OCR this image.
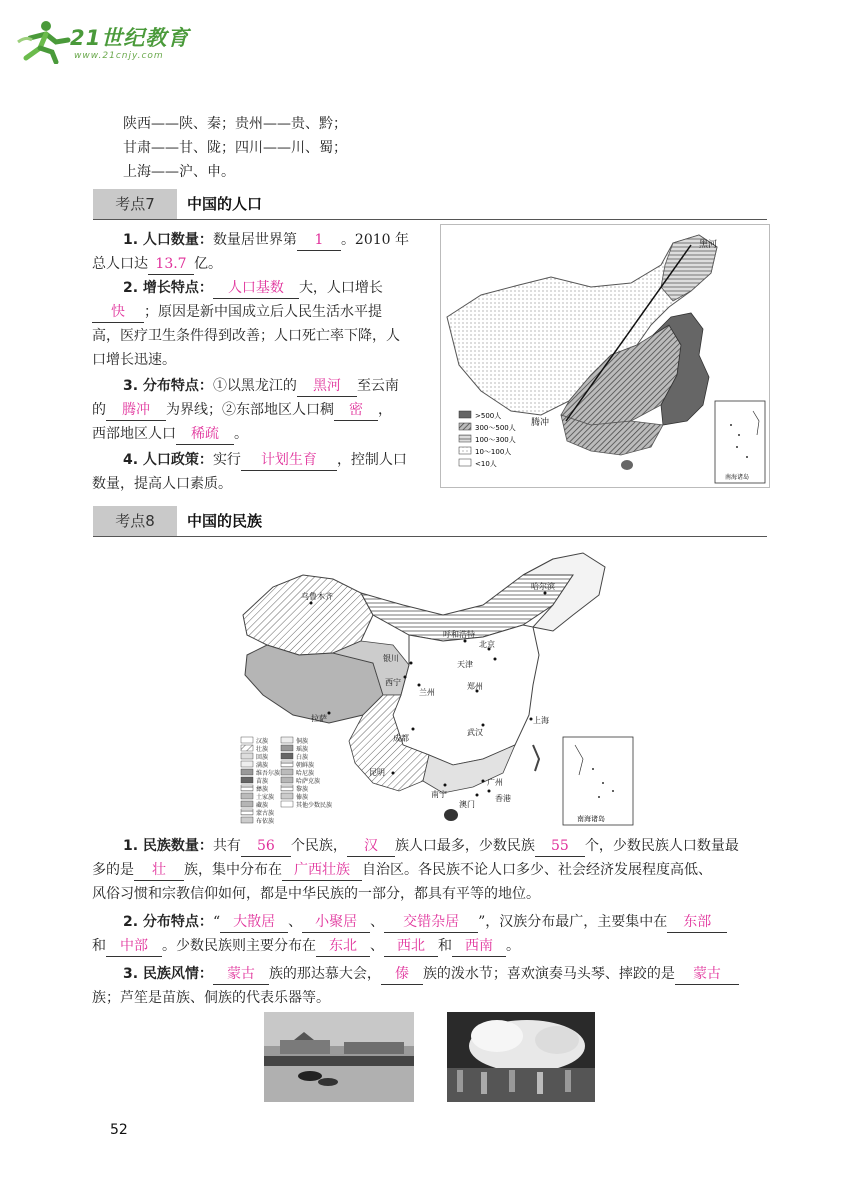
21世纪教育
www.21cnjy.com
陕西——陕、秦；贵州——贵、黔；
甘肃——甘、陇；四川——川、蜀；
上海——沪、申。
考点7	中国的人口
1. 人口数量：数量居世界第 1 。2010 年
总人口达 13.7 亿。
2. 增长特点： 人口基数 大，人口增长
快 ；原因是新中国成立后人民生活水平提
高，医疗卫生条件得到改善；人口死亡率下降，人
口增长迅速。
3. 分布特点：①以黑龙江的 黑河 至云南
的 腾冲 为界线；②东部地区人口稠 密 ，
西部地区人口 稀疏 。
4. 人口政策：实行 计划生育 ，控制人口
数量，提高人口素质。
黑河
腾冲
>500人
300～500人
100～300人
10～100人
<10人
南海诸岛
考点8	中国的民族
乌鲁木齐
哈尔滨
呼和浩特
北京
天津
银川
西宁
兰州
郑州
拉萨
成都
武汉
上海
昆明
南宁
广州
香港
澳门
汉族
壮族
回族
满族
维吾尔族
苗族
彝族
土家族
藏族
蒙古族
布依族
侗族
瑶族
白族
朝鲜族
哈尼族
哈萨克族
黎族
傣族
其他少数民族
南海诸岛
1. 民族数量：共有 56 个民族， 汉 族人口最多，少数民族 55 个，少数民族人口数量最
多的是 壮 族，集中分布在 广西壮族 自治区。各民族不论人口多少、社会经济发展程度高低、
风俗习惯和宗教信仰如何，都是中华民族的一部分，都具有平等的地位。
2. 分布特点：“ 大散居 、 小聚居 、 交错杂居 ”，汉族分布最广，主要集中在 东部
和 中部 。少数民族则主要分布在 东北 、 西北 和 西南 。
3. 民族风情： 蒙古 族的那达慕大会， 傣 族的泼水节；喜欢演奏马头琴、摔跤的是 蒙古
族；芦笙是苗族、侗族的代表乐器等。
52
